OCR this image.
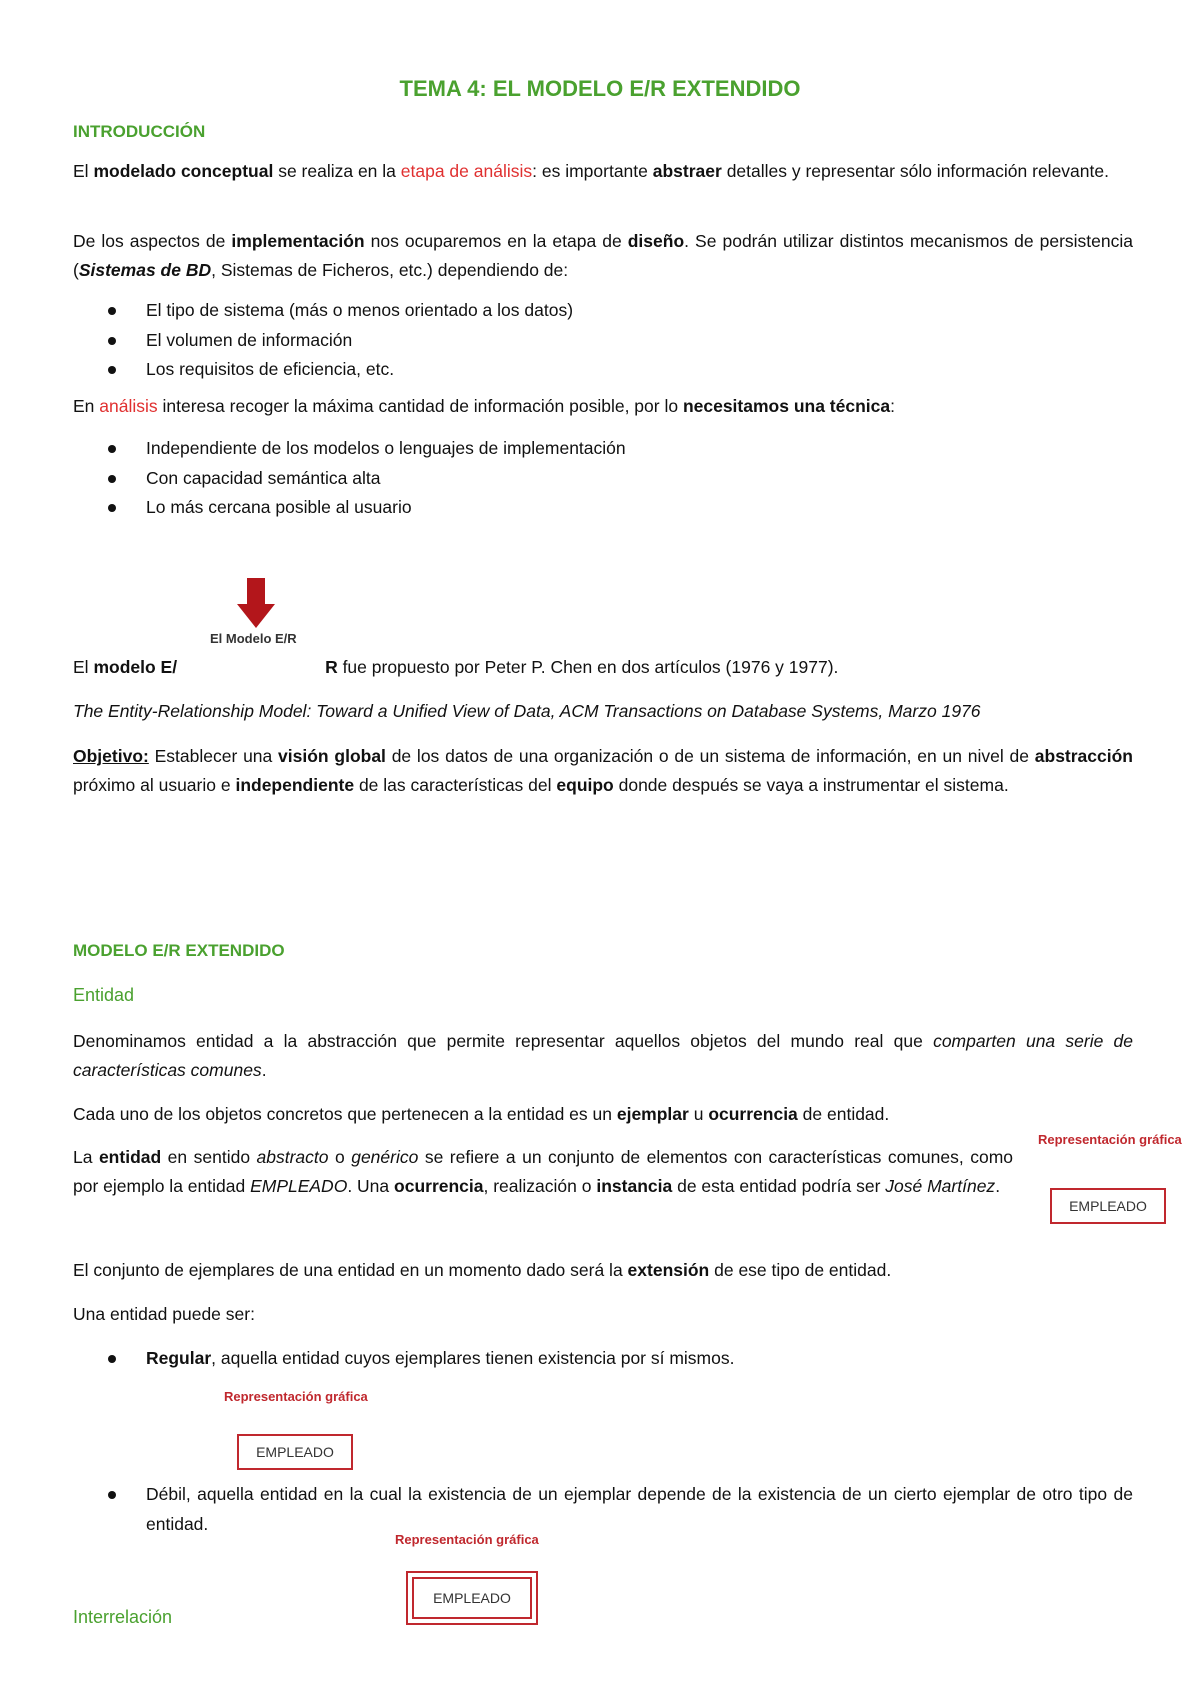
TEMA 4: EL MODELO E/R EXTENDIDO
INTRODUCCIÓN
El modelado conceptual se realiza en la etapa de análisis: es importante abstraer detalles y representar sólo información relevante.
De los aspectos de implementación nos ocuparemos en la etapa de diseño. Se podrán utilizar distintos mecanismos de persistencia (Sistemas de BD, Sistemas de Ficheros, etc.) dependiendo de:
El tipo de sistema (más o menos orientado a los datos)
El volumen de información
Los requisitos de eficiencia, etc.
En análisis interesa recoger la máxima cantidad de información posible, por lo necesitamos una técnica:
Independiente de los modelos o lenguajes de implementación
Con capacidad semántica alta
Lo más cercana posible al usuario
El Modelo E/R
El modelo E/	R fue propuesto por Peter P. Chen en dos artículos (1976 y 1977).
The Entity-Relationship Model: Toward a Unified View of Data, ACM Transactions on Database Systems, Marzo 1976
Objetivo: Establecer una visión global de los datos de una organización o de un sistema de información, en un nivel de abstracción próximo al usuario e independiente de las características del equipo donde después se vaya a instrumentar el sistema.
MODELO E/R EXTENDIDO
Entidad
Denominamos entidad a la abstracción que permite representar aquellos objetos del mundo real que comparten una serie de características comunes.
Cada uno de los objetos concretos que pertenecen a la entidad es un ejemplar u ocurrencia de entidad.
La entidad en sentido abstracto o genérico se refiere a un conjunto de elementos con características comunes, como por ejemplo la entidad EMPLEADO. Una ocurrencia, realización o instancia de esta entidad podría ser José Martínez.
Representación gráfica
EMPLEADO
El conjunto de ejemplares de una entidad en un momento dado será la extensión de ese tipo de entidad.
Una entidad puede ser:
Regular, aquella entidad cuyos ejemplares tienen existencia por sí mismos.
Representación gráfica
EMPLEADO
Débil, aquella entidad en la cual la existencia de un ejemplar depende de la existencia de un cierto ejemplar de otro tipo de entidad.
Representación gráfica
EMPLEADO
Interrelación
